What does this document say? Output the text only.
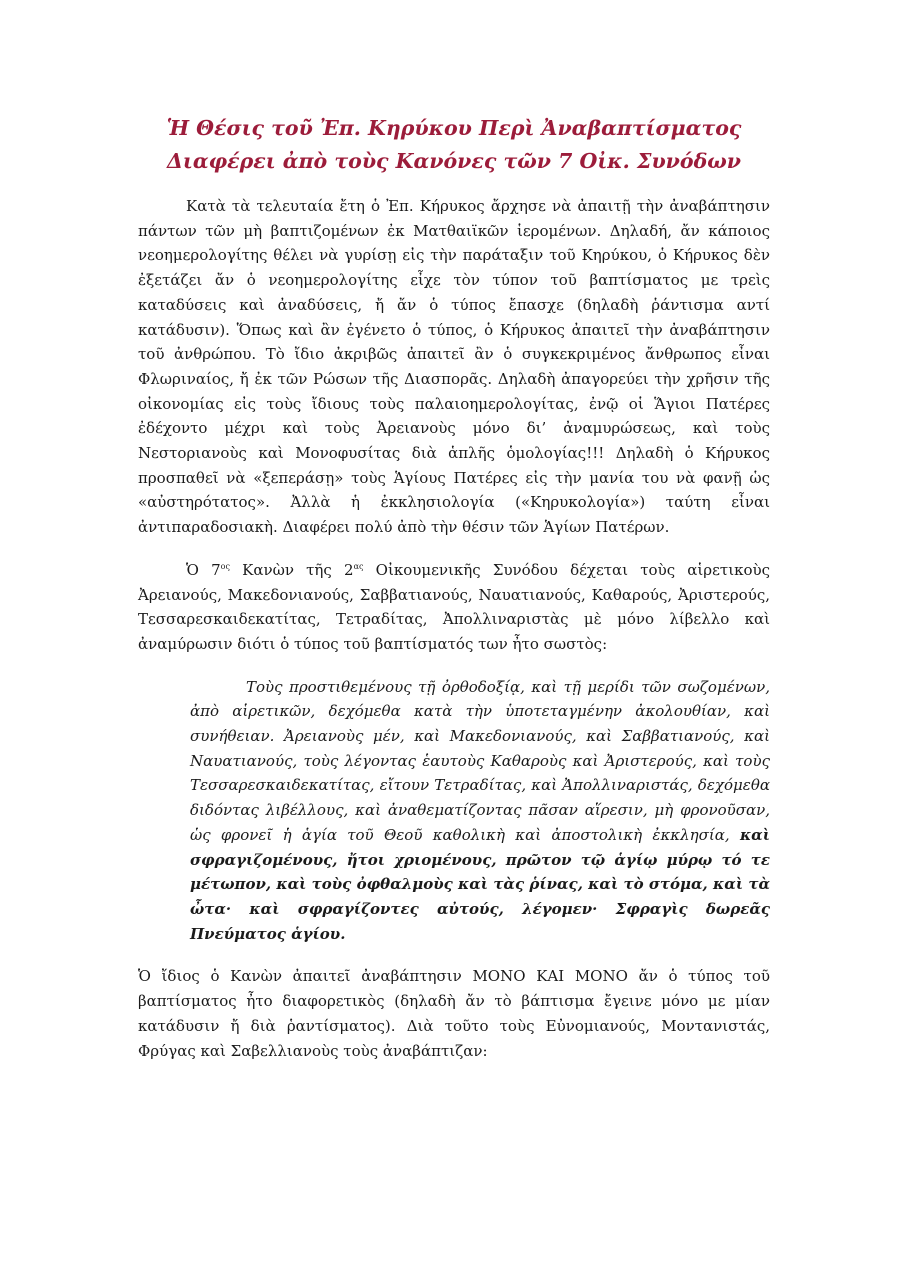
Ἡ Θέσις τοῦ Ἐπ. Κηρύκου Περὶ Ἀναβαπτίσματος
Διαφέρει ἀπὸ τοὺς Κανόνες τῶν 7 Οἰκ. Συνόδων

Κατὰ τὰ τελευταία ἔτη ὁ Ἐπ. Κήρυκος ἄρχησε νὰ ἀπαιτῇ τὴν ἀναβάπτησιν πάντων τῶν μὴ βαπτιζομένων ἐκ Ματθαιϊκῶν ἱερομένων. Δηλαδή, ἄν κάποιος νεοημερολογίτης θέλει νὰ γυρίσῃ εἰς τὴν παράταξιν τοῦ Κηρύκου, ὁ Κήρυκος δὲν ἐξετάζει ἄν ὁ νεοημερολογίτης εἶχε τὸν τύπον τοῦ βαπτίσματος με τρεὶς καταδύσεις καὶ ἀναδύσεις, ἤ ἄν ὁ τύπος ἔπασχε (δηλαδὴ ῥάντισμα αντί κατάδυσιν). Ὅπως καὶ ἂν ἐγένετο ὁ τύπος, ὁ Κήρυκος ἀπαιτεῖ τὴν ἀναβάπτησιν τοῦ ἀνθρώπου. Τὸ ἴδιο ἀκριβῶς ἀπαιτεῖ ἂν ὁ συγκεκριμένος ἄνθρωπος εἶναι Φλωριναίος, ἤ ἐκ τῶν Ρώσων τῆς Διασπορᾶς. Δηλαδὴ ἀπαγορεύει τὴν χρῆσιν τῆς οἰκονομίας εἰς τοὺς ἴδιους τοὺς παλαιοημερολογίτας, ἐνῷ οἱ Ἅγιοι Πατέρες ἐδέχοντο μέχρι καὶ τοὺς Ἀρειανοὺς μόνο δι’ ἀναμυρώσεως, καὶ τοὺς Νεστοριανοὺς καὶ Μονοφυσίτας διὰ ἁπλῆς ὁμολογίας!!! Δηλαδὴ ὁ Κήρυκος προσπαθεῖ νὰ «ξεπεράσῃ» τοὺς Ἁγίους Πατέρες εἰς τὴν μανία του νὰ φανῇ ὡς «αὐστηρότατος». Ἀλλὰ ἡ ἐκκλησιολογία («Κηρυκολογία») ταύτη εἶναι ἀντιπαραδοσιακὴ. Διαφέρει πολύ ἀπὸ τὴν θέσιν τῶν Ἁγίων Πατέρων.

Ὁ $7^{o\varsigma}$ Κανὼν τῆς $2^{\alpha\varsigma}$ Οἰκουμενικῆς Συνόδου δέχεται τοὺς αἱρετικοὺς Ἀρειανούς, Μακεδονιανούς, Σαββατιανούς, Ναυατιανούς, Καθαρούς, Ἀριστερούς, Τεσσαρεσκαιδεκατίτας, Τετραδίτας, Ἀπολλιναριστὰς μὲ μόνο λίβελλο καὶ ἀναμύρωσιν διότι ὁ τύπος τοῦ βαπτίσματός των ἦτο σωστὸς:

Τοὺς προστιθεμένους τῇ ὀρθοδοξίᾳ, καὶ τῇ μερίδι τῶν σωζομένων, ἀπὸ αἱρετικῶν, δεχόμεθα κατὰ τὴν ὑποτεταγμένην ἀκολουθίαν, καὶ συνήθειαν. Ἀρειανοὺς μέν, καὶ Μακεδονιανούς, καὶ Σαββατιανούς, καὶ Ναυατιανούς, τοὺς λέγοντας ἑαυτοὺς Καθαροὺς καὶ Ἀριστερούς, καὶ τοὺς Τεσσαρεσκαιδεκατίτας, εἴτουν Τετραδίτας, καὶ Ἀπολλιναριστάς, δεχόμεθα διδόντας λιβέλλους, καὶ ἀναθεματίζοντας πᾶσαν αἵρεσιν, μὴ φρονοῦσαν, ὡς φρονεῖ ἡ ἁγία τοῦ Θεοῦ καθολικὴ καὶ ἀποστολικὴ ἐκκλησία, καὶ σφραγιζομένους, ἤτοι χριομένους, πρῶτον τῷ ἁγίῳ μύρῳ τό τε μέτωπον, καὶ τοὺς ὀφθαλμοὺς καὶ τὰς ῥίνας, καὶ τὸ στόμα, καὶ τὰ ὦτα· καὶ σφραγίζοντες αὐτούς, λέγομεν· Σφραγὶς δωρεᾶς Πνεύματος ἁγίου.

Ὁ ἴδιος ὁ Κανὼν ἀπαιτεῖ ἀναβάπτησιν ΜΟΝΟ ΚΑΙ ΜΟΝΟ ἄν ὁ τύπος τοῦ βαπτίσματος ἦτο διαφορετικὸς (δηλαδὴ ἄν τὸ βάπτισμα ἔγεινε μόνο με μίαν κατάδυσιν ἤ διὰ ῥαντίσματος). Διὰ τοῦτο τοὺς Εὐνομιανούς, Μοντανιστάς, Φρύγας καὶ Σαβελλιανοὺς τοὺς ἀναβάπτιζαν:
